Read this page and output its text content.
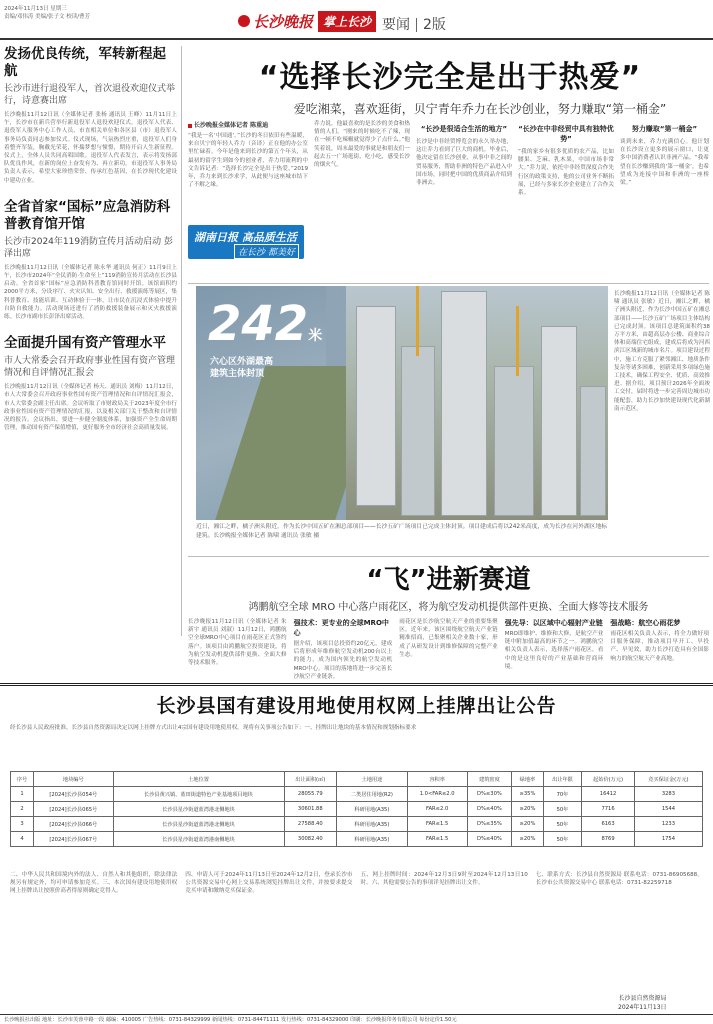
2024年11月13日 星期三
责编/邓伟涛 美编/张子文 校读/曹芳	长沙晚报 掌上长沙 要闻 2版
发扬优良传统，军转新程起航
长沙市进行退役军人，首次退役欢迎仪式举行，诗意赛出席
长沙晚报11月12日讯（全媒体记者 张杨 通讯员 王峰）11月11日上午，长沙市在新兵营举行新退役军人退役欢迎仪式。退役军人代表、退役军人服务中心工作人员、市直相关单位和各区县（市）退役军人事务局负责同志参加仪式。仪式现场，气氛热烈庄重，退役军人们身着整齐军装，胸戴光荣花，怀揣梦想与憧憬，期待开启人生新征程。仪式上，全体人员共同高唱国歌。退役军人代表发言，表示将发扬部队优良作风，在新的岗位上奋发有为、再立新功。市退役军人事务局负责人表示，希望大家珍惜荣誉、传承红色基因，在长沙现代化建设中建功立业。
全省首家“国标”应急消防科普教育馆开馆
长沙市2024年119消防宣传月活动启动 彭泽出席
长沙晚报11月12日讯（全媒体记者 陈永华 通讯员 何正）11月9日上午，长沙市2024年“全民消防·生命至上”119消防宣传月活动在长沙县启动。全省首家“国标”应急消防科普教育馆同时开馆。该馆面积约2000平方米，分设序厅、火灾认知、安全出行、救援演练等展区，集科普教育、技能培训、互动体验于一体，让市民在沉浸式体验中提升自防自救能力。活动现场还进行了消防救援装备展示和灭火救援演练。长沙市副市长彭泽出席活动。
全面提升国有资产管理水平
市人大常委会召开政府事业性国有资产管理情况和自评情况汇报会
长沙晚报11月12日讯（全媒体记者 杨天、通讯员 刘梅）11月12日，市人大常委会召开政府事业性国有资产管理情况和自评情况汇报会，市人大常委会副主任出席。会议听取了市财政局关于2023年度全市行政事业性国有资产管理情况的汇报，以及相关部门关于整改和自评情况的报告。会议指出，要进一步健全制度体系，加强资产全生命周期管理，推动国有资产保值增值，更好服务全市经济社会高质量发展。
“选择长沙完全是出于热爱”
爱吃湘菜，喜欢逛街，贝宁青年乔力在长沙创业，努力赚取“第一桶金”
长沙晚报全媒体记者 陈重迪
“我是一名‘中国通’。”长沙的冬日依旧有些温暖，来自贝宁的年轻人乔力（音译）正在他的办公室里忙碌着。今年是他来到长沙的第五个年头，从最初的留学生到如今的创业者，乔力用流利的中文告诉记者：“选择长沙完全是出于热爱。”2019年，乔力来到长沙求学，从此便与这座城市结下了不解之缘。
乔力说，他最喜欢的是长沙的美食和热情的人们。“刚来的时候吃不了辣，现在一顿不吃辣椒就觉得少了点什么。”他笑着说，周末最爱的事就是和朋友们一起去五一广场逛街、吃小吃，感受长沙的烟火气。
“长沙是很适合生活的地方”
长沙是中非经贸博览会的永久举办地，这让乔力看到了巨大的商机。毕业后，他决定留在长沙创业，从事中非之间的贸易服务，帮助非洲的特色产品进入中国市场，同时把中国的优质商品介绍到非洲去。
“长沙在中非经贸中具有独特优势”
“我的家乡有很多优质的农产品，比如腰果、芝麻、乳木果，中国市场非常大。”乔力说，依托中非经贸深度合作先行区的政策支持，他的公司业务不断拓展，已经与多家长沙企业建立了合作关系。
努力赚取“第一桶金”
谈到未来，乔力充满信心。他计划在长沙设立更多的展示窗口，让更多中国消费者认识非洲产品。“我希望在长沙赚到我的‘第一桶金’，也希望成为连接中国和非洲的一座桥梁。”
湖南日报 高品质生活
在长沙 都美好
242米
六心区外湖最高
建筑主体封顶
近日，湘江之畔，橘子洲头附近，作为长沙中国五矿在湘总部项目——长沙五矿广场项目已完成主体封顶。项目建成后将以242米高度，成为长沙在河外湖区地标建筑。长沙晚报全媒体记者 陈啸 通讯员 张敏 摄
长沙晚报11月12日讯（全媒体记者 陈啸 通讯员 张敏）近日，湘江之畔，橘子洲头附近，作为长沙中国五矿在湘总部项目——长沙五矿广场项目主体结构已完成封顶。该项目总建筑面积约38万平方米，由超高层办公楼、商业综合体和高端住宅组成，建成后将成为河西滨江区域新的城市名片。项目建设过程中，施工方克服了紧邻湘江、地质条件复杂等诸多困难，创新采用多项绿色施工技术，确保工程安全、优质、高效推进。据介绍，项目预计2026年全面竣工交付，届时将进一步完善周边城市功能配套，助力长沙加快建设现代化新湖南示范区。
“飞”进新赛道
鸿鹏航空全球 MRO 中心落户雨花区，将为航空发动机提供部件更换、全面大修等技术服务
长沙晚报11月12日讯（全媒体记者 朱新宇 通讯员 刘淑）11月12日，鸿鹏航空全球MRO中心项目在雨花区正式签约落户。该项目由鸿鹏航空投资建设，将为航空发动机提供部件更换、全面大修等技术服务。
强技术：更专业的全球MRO中心
据介绍，该项目总投资约20亿元，建成后将形成年维修航空发动机200台以上的能力，成为国内领先的航空发动机MRO中心。项目的落地将进一步完善长沙航空产业链条。
雨花区是长沙航空航天产业的重要集聚区。近年来，该区围绕航空航天产业链精准招商，已集聚相关企业数十家，形成了从研发设计到维修保障的完整产业生态。
强先导：以区域中心辐射产业链
MRO即维护、维修和大修，是航空产业链中附加值最高的环节之一。鸿鹏航空相关负责人表示，选择落户雨花区，看中的是这里良好的产业基础和营商环境。
强战略：航空心雨花梦
雨花区相关负责人表示，将全力做好项目服务保障，推动项目早开工、早投产、早见效，助力长沙打造具有全国影响力的航空航天产业高地。
长沙县国有建设用地使用权网上挂牌出让公告
经长沙县人民政府批准，长沙县自然资源局决定以网上挂牌方式出让4宗国有建设用地使用权。现将有关事项公告如下：一、挂牌出让地块的基本情况和规划指标要求
序号	地块编号	土地位置	出让面积(㎡)	土地用途	容积率	建筑密度	绿地率	出让年限	起始价(万元)	竞买保证金(万元)
1	[2024]长沙县054号	长沙县黄兴镇、蓝田街道特色产业基地项目地块	28055.79	二类居住用地(R2)	1.0<FAR≤2.0	D%≤30%	≥35%	70年	16412	3283
2	[2024]长沙县065号	长沙县星沙街道蓝湾港北侧地块	30601.88	科研用地(A35)	FAR≤2.0	D%≤40%	≥20%	50年	7716	1544
3	[2024]长沙县066号	长沙县星沙街道蓝湾港北侧地块	27588.40	科研用地(A35)	FAR≤1.5	D%≤35%	≥20%	50年	6163	1233
4	[2024]长沙县067号	长沙县星沙街道蓝湾港南侧地块	30082.40	科研用地(A35)	FAR≤1.5	D%≤40%	≥20%	50年	8769	1754
二、中华人民共和国境内外的法人、自然人和其他组织，除法律法规另有规定外，均可申请参加竞买。三、本次国有建设用地使用权网上挂牌出让按照价高者得原则确定竞得人。
四、申请人可于2024年11月13日至2024年12月2日，登录长沙市公共资源交易中心网上交易系统浏览挂牌出让文件，并按要求提交竞买申请和缴纳竞买保证金。
五、网上挂牌时间：2024年12月3日9时至2024年12月13日10时。六、其他需要公告的事项详见挂牌出让文件。
七、联系方式：长沙县自然资源局 联系电话：0731-86905688。长沙市公共资源交易中心 联系电话：0731-82259718
长沙县自然资源局
2024年11月13日
长沙晚报社出版 地址：长沙市芙蓉中路一段 邮编：410005 广告热线：0731-84329999 新闻热线：0731-84471111 发行热线：0731-84329000 印刷：长沙晚报印务有限公司 每份定价1.50元
